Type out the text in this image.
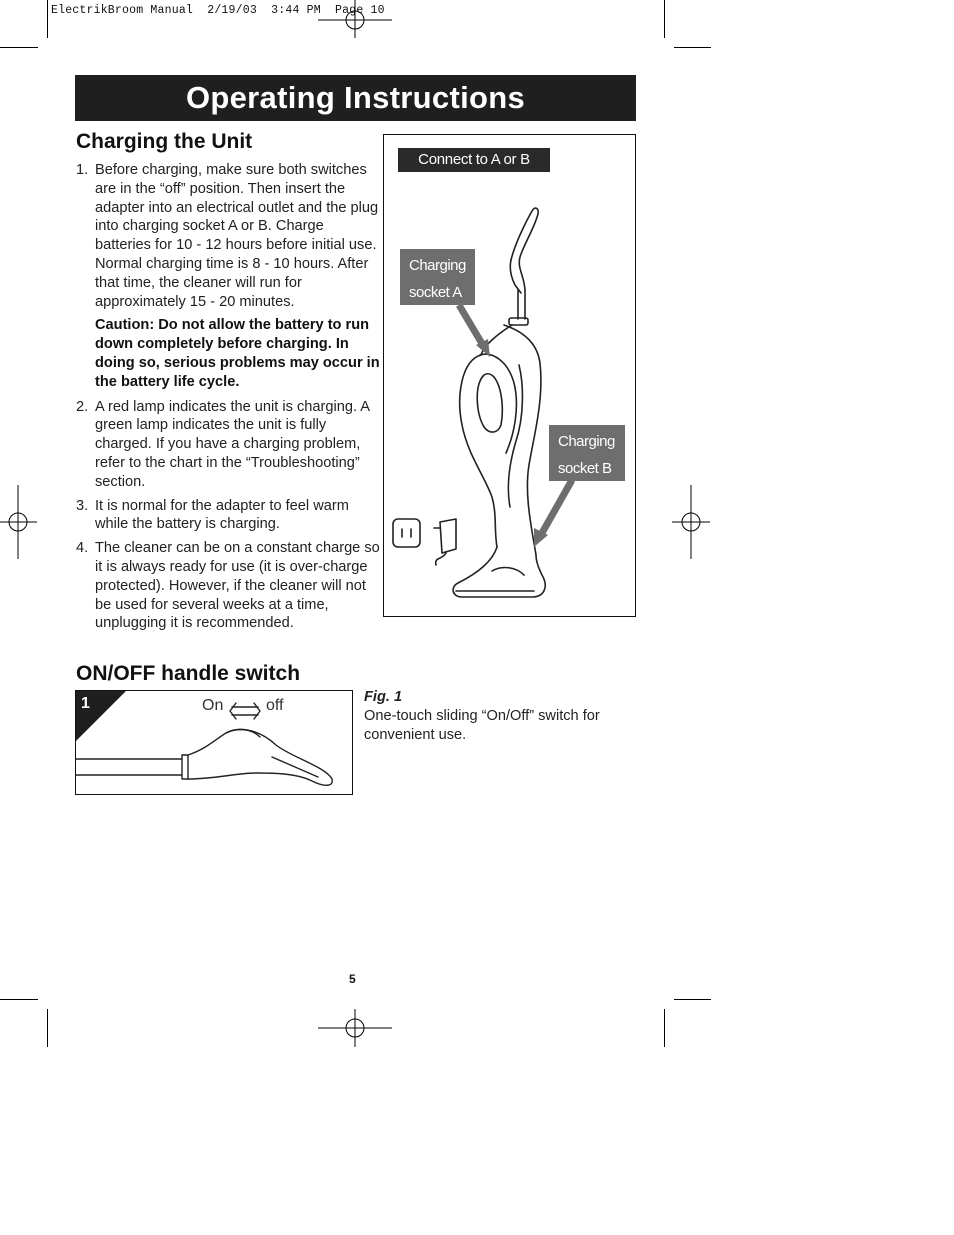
ElectrikBroom Manual  2/19/03  3:44 PM  Page 10
Operating Instructions
Charging the Unit
1. Before charging, make sure both switches are in the “off” position. Then insert the adapter into an electrical outlet and the plug into charging socket A or B. Charge batteries for 10 - 12 hours before initial use. Normal charging time is 8 - 10 hours. After that time, the cleaner will run for approximately 15 - 20 minutes.
Caution: Do not allow the battery to run down completely before charging. In doing so, serious problems may occur in the battery life cycle.
2. A red lamp indicates the unit is charging. A green lamp indicates the unit is fully charged. If you have a charging problem, refer to the chart in the “Troubleshooting” section.
3. It is normal for the adapter to feel warm while the battery is charging.
4. The cleaner can be on a constant charge so it is always ready for use (it is over-charge protected). However, if the cleaner will not be used for several weeks at a time, unplugging it is recommended.
Connect to A or B
Charging
socket A
Charging
socket B
ON/OFF handle switch
1	On	off	Fig. 1
One-touch sliding “On/Off” switch for convenient use.
5
